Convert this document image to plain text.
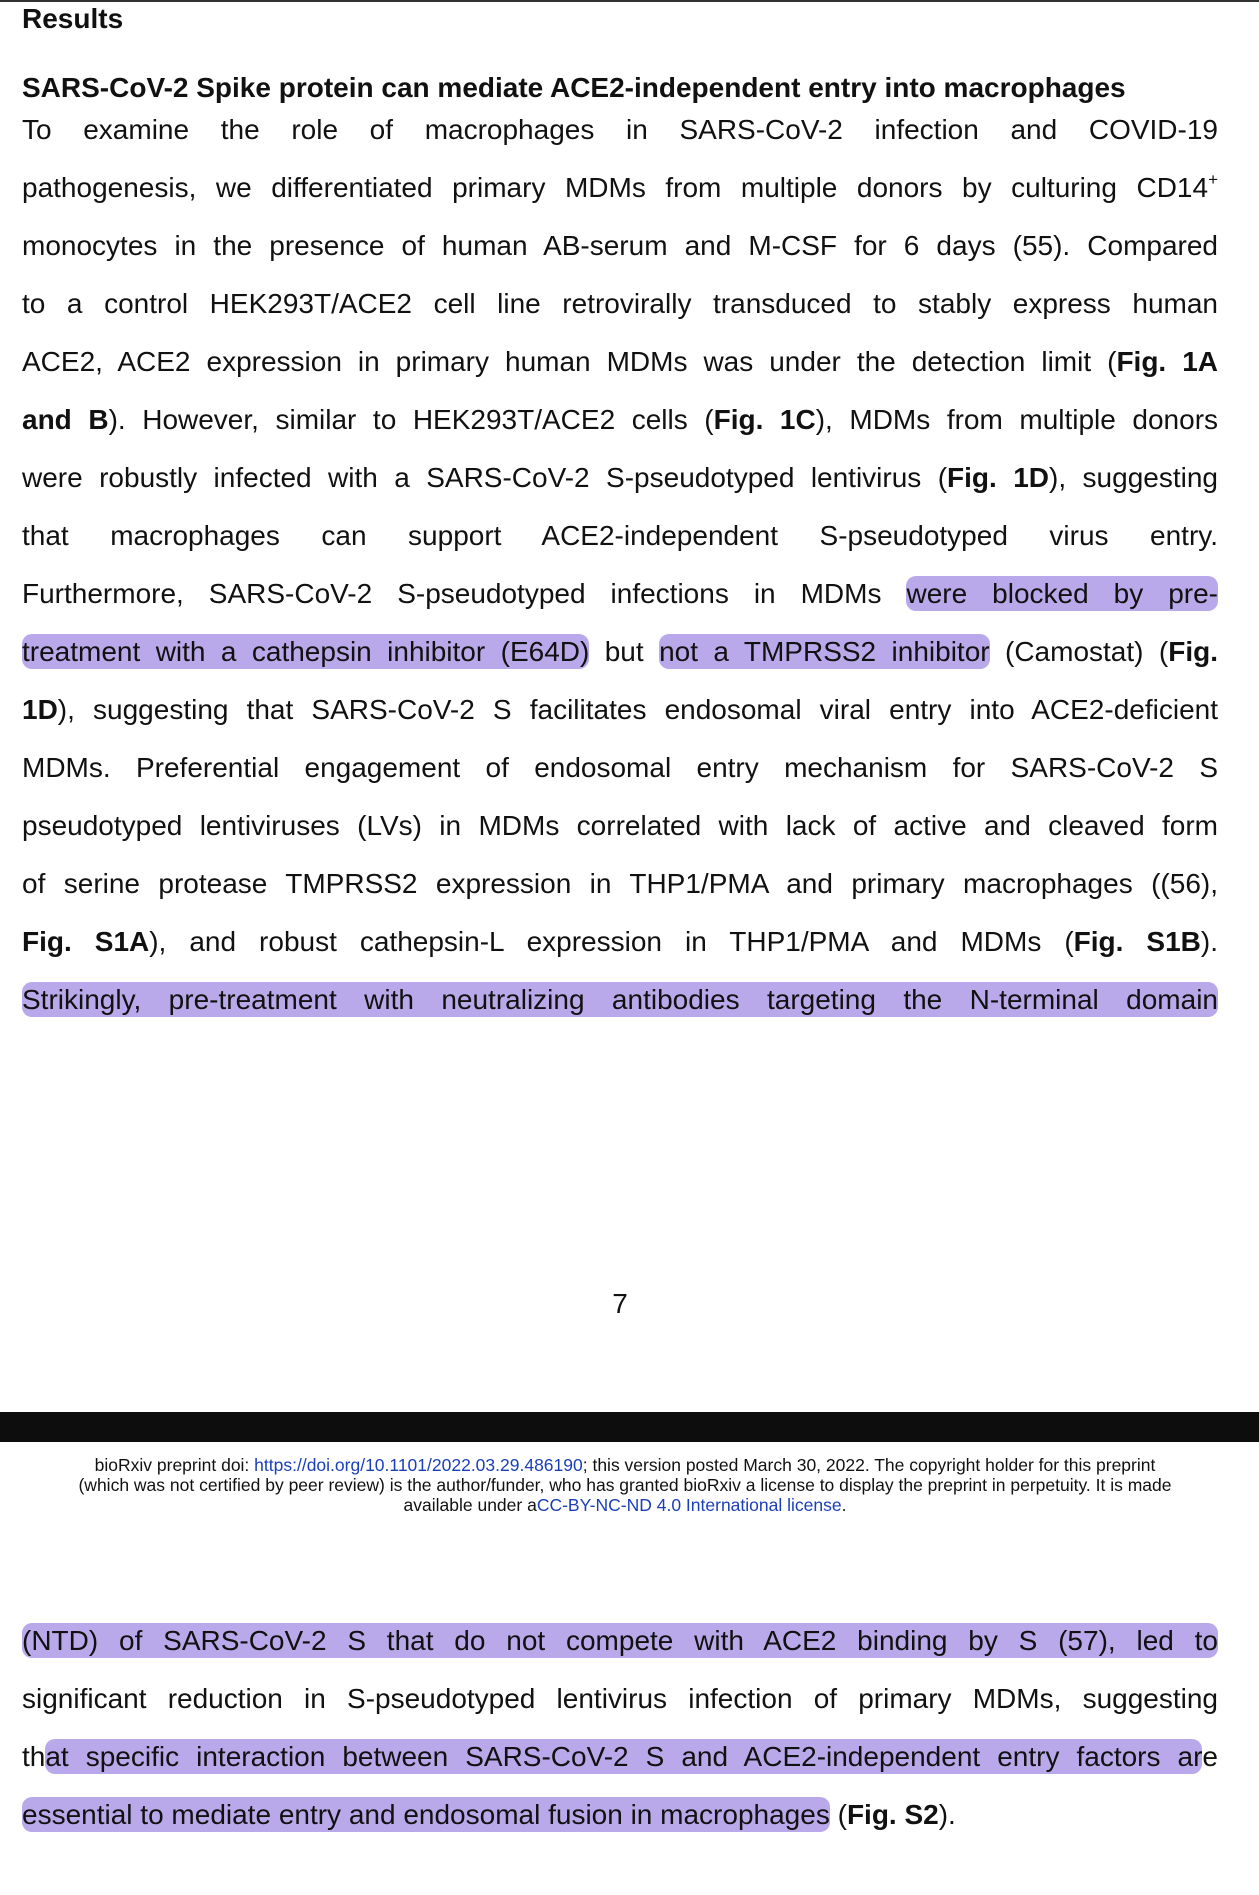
Results
SARS-CoV-2 Spike protein can mediate ACE2-independent entry into macrophages
To examine the role of macrophages in SARS-CoV-2 infection and COVID-19
pathogenesis, we differentiated primary MDMs from multiple donors by culturing CD14+
monocytes in the presence of human AB-serum and M-CSF for 6 days (55). Compared
to a control HEK293T/ACE2 cell line retrovirally transduced to stably express human
ACE2, ACE2 expression in primary human MDMs was under the detection limit (Fig. 1A
and B). However, similar to HEK293T/ACE2 cells (Fig. 1C), MDMs from multiple donors
were robustly infected with a SARS-CoV-2 S-pseudotyped lentivirus (Fig. 1D), suggesting
that macrophages can support ACE2-independent S-pseudotyped virus entry.
Furthermore, SARS-CoV-2 S-pseudotyped infections in MDMs were blocked by pre-
treatment with a cathepsin inhibitor (E64D) but not a TMPRSS2 inhibitor (Camostat) (Fig.
1D), suggesting that SARS-CoV-2 S facilitates endosomal viral entry into ACE2-deficient
MDMs. Preferential engagement of endosomal entry mechanism for SARS-CoV-2 S
pseudotyped lentiviruses (LVs) in MDMs correlated with lack of active and cleaved form
of serine protease TMPRSS2 expression in THP1/PMA and primary macrophages ((56),
Fig. S1A), and robust cathepsin-L expression in THP1/PMA and MDMs (Fig. S1B).
Strikingly, pre-treatment with neutralizing antibodies targeting the N-terminal domain
7
bioRxiv preprint doi: https://doi.org/10.1101/2022.03.29.486190; this version posted March 30, 2022. The copyright holder for this preprint
(which was not certified by peer review) is the author/funder, who has granted bioRxiv a license to display the preprint in perpetuity. It is made
available under aCC-BY-NC-ND 4.0 International license.
(NTD) of SARS-CoV-2 S that do not compete with ACE2 binding by S (57), led to
significant reduction in S-pseudotyped lentivirus infection of primary MDMs, suggesting
that specific interaction between SARS-CoV-2 S and ACE2-independent entry factors are
essential to mediate entry and endosomal fusion in macrophages (Fig. S2).
